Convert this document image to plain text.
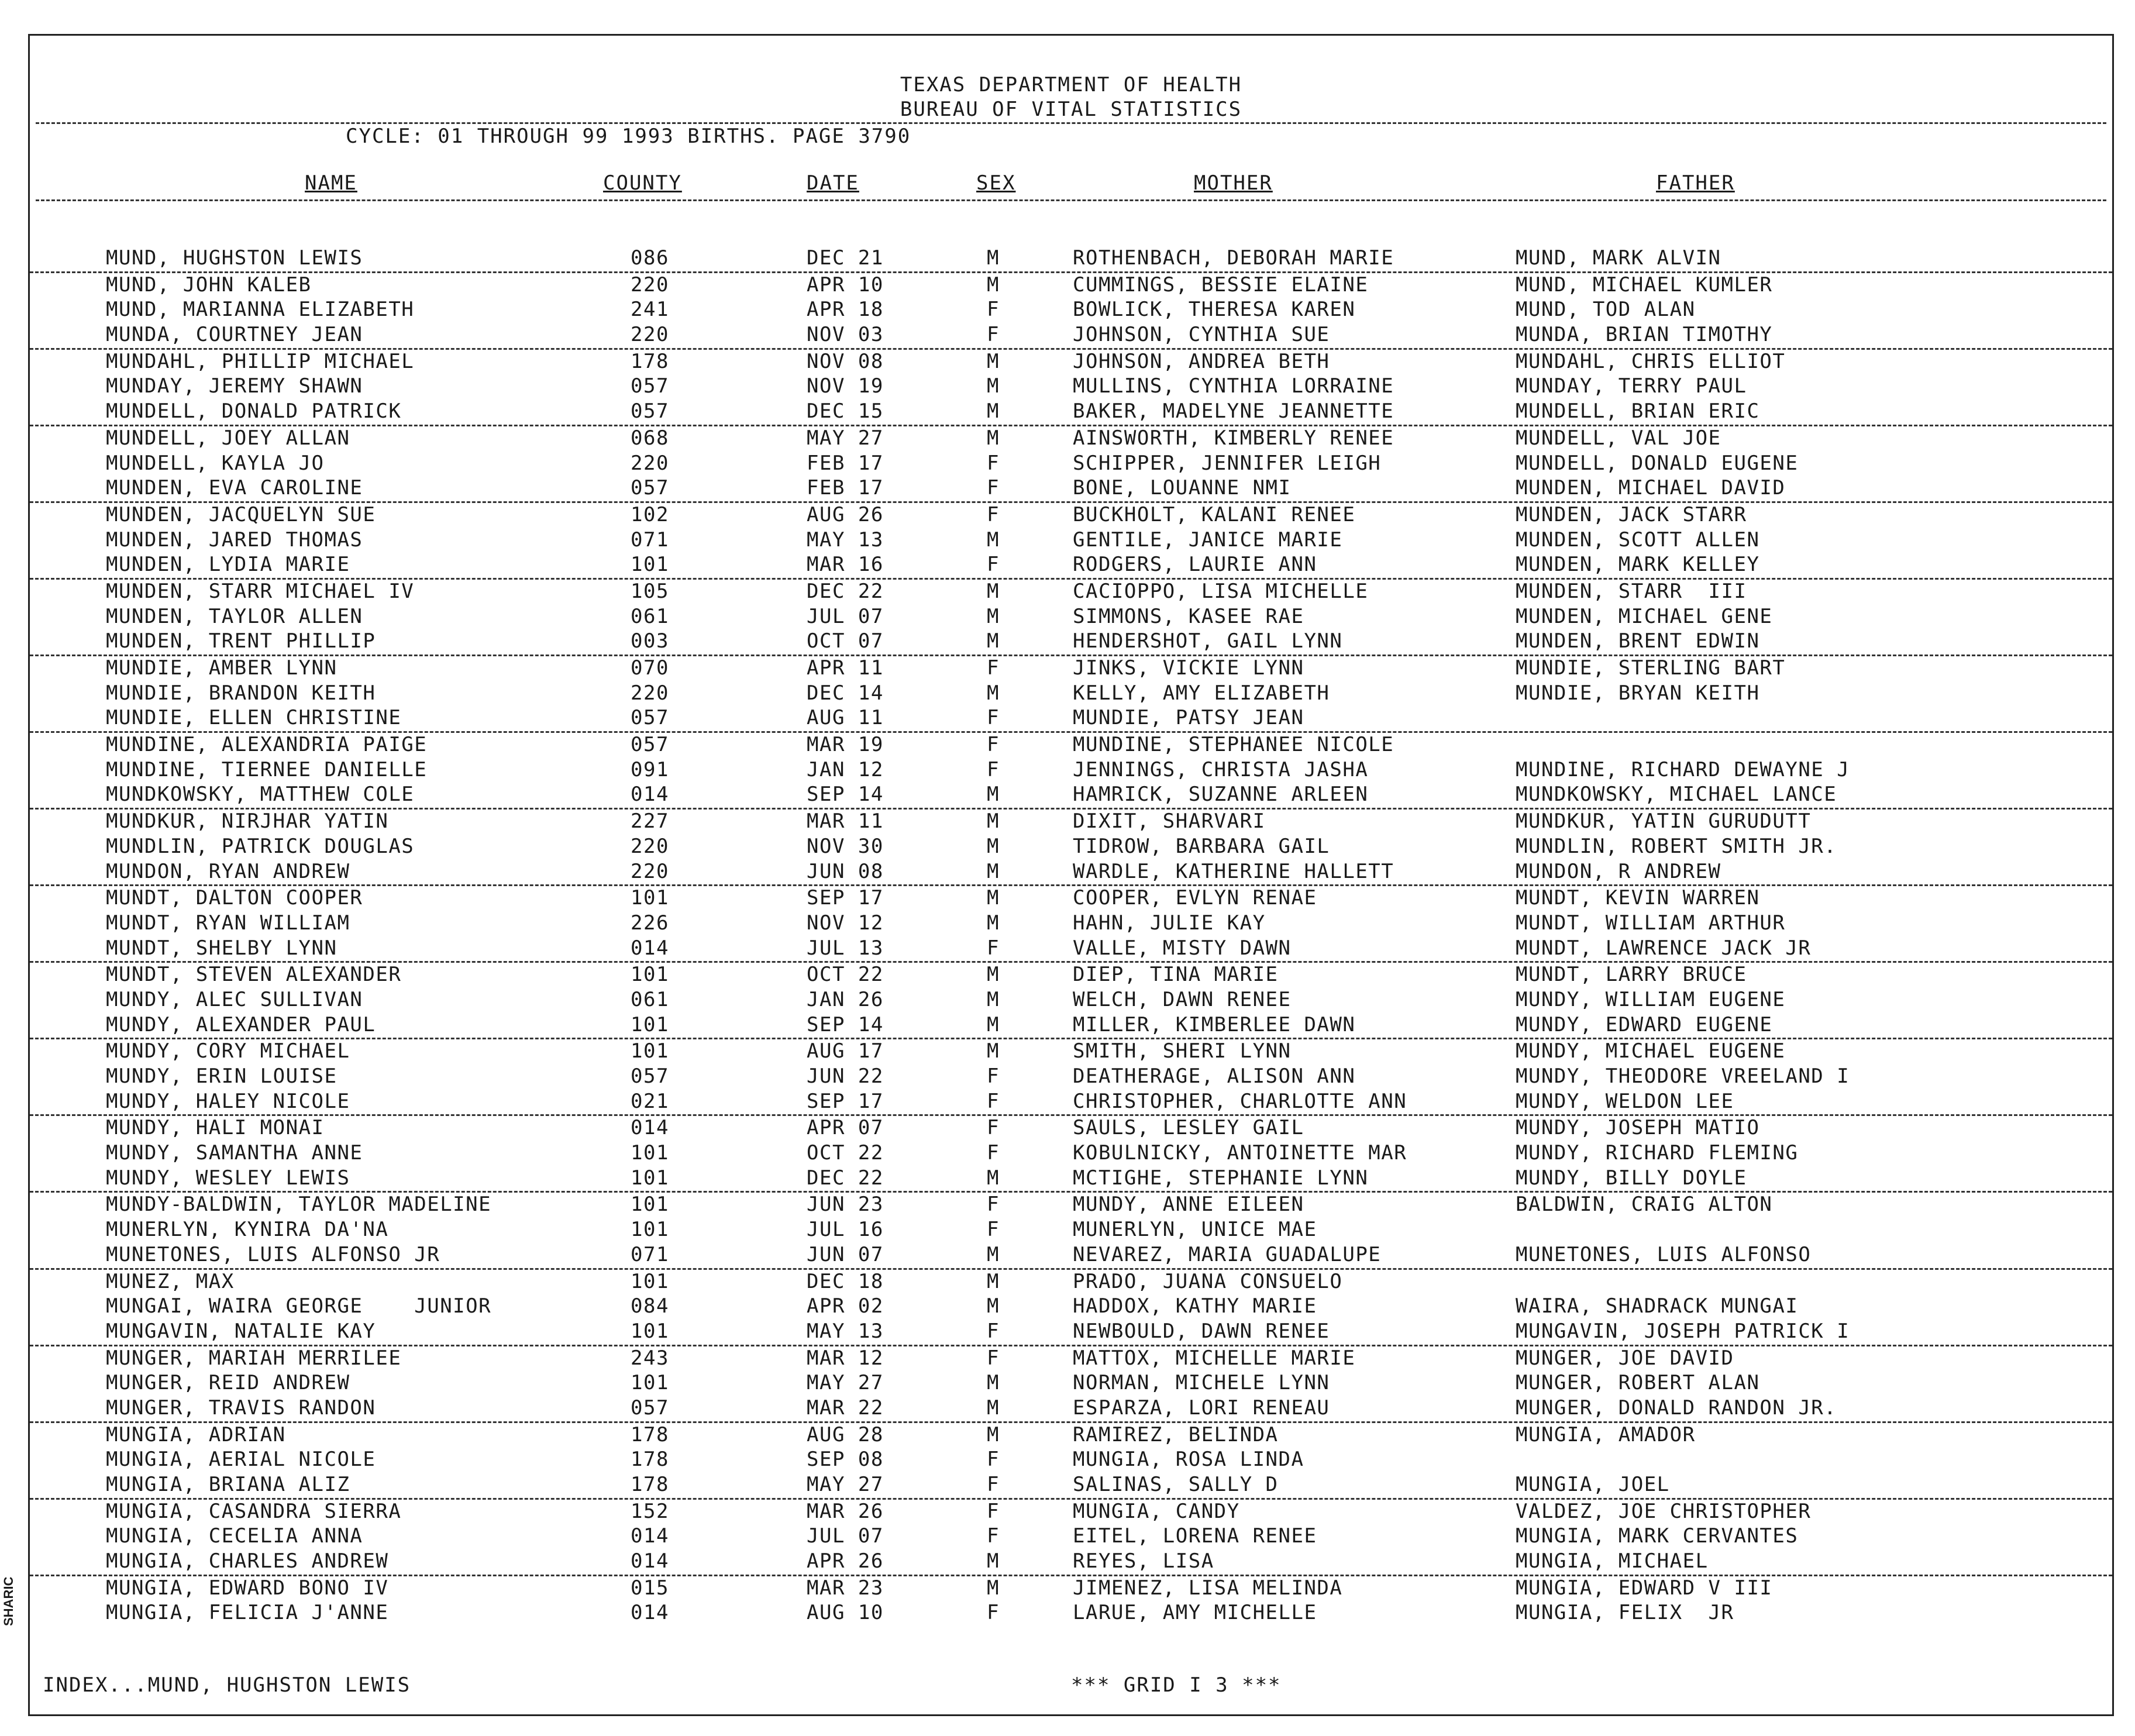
TEXAS DEPARTMENT OF HEALTH
BUREAU OF VITAL STATISTICS
CYCLE: 01 THROUGH 99 1993 BIRTHS. PAGE 3790
NAME	COUNTY	DATE	SEX	MOTHER	FATHER
MUND, HUGHSTON LEWIS	086	DEC 21	M	ROTHENBACH, DEBORAH MARIE	MUND, MARK ALVIN
MUND, JOHN KALEB	220	APR 10	M	CUMMINGS, BESSIE ELAINE	MUND, MICHAEL KUMLER
MUND, MARIANNA ELIZABETH	241	APR 18	F	BOWLICK, THERESA KAREN	MUND, TOD ALAN
MUNDA, COURTNEY JEAN	220	NOV 03	F	JOHNSON, CYNTHIA SUE	MUNDA, BRIAN TIMOTHY
MUNDAHL, PHILLIP MICHAEL	178	NOV 08	M	JOHNSON, ANDREA BETH	MUNDAHL, CHRIS ELLIOT
MUNDAY, JEREMY SHAWN	057	NOV 19	M	MULLINS, CYNTHIA LORRAINE	MUNDAY, TERRY PAUL
MUNDELL, DONALD PATRICK	057	DEC 15	M	BAKER, MADELYNE JEANNETTE	MUNDELL, BRIAN ERIC
MUNDELL, JOEY ALLAN	068	MAY 27	M	AINSWORTH, KIMBERLY RENEE	MUNDELL, VAL JOE
MUNDELL, KAYLA JO	220	FEB 17	F	SCHIPPER, JENNIFER LEIGH	MUNDELL, DONALD EUGENE
MUNDEN, EVA CAROLINE	057	FEB 17	F	BONE, LOUANNE NMI	MUNDEN, MICHAEL DAVID
MUNDEN, JACQUELYN SUE	102	AUG 26	F	BUCKHOLT, KALANI RENEE	MUNDEN, JACK STARR
MUNDEN, JARED THOMAS	071	MAY 13	M	GENTILE, JANICE MARIE	MUNDEN, SCOTT ALLEN
MUNDEN, LYDIA MARIE	101	MAR 16	F	RODGERS, LAURIE ANN	MUNDEN, MARK KELLEY
MUNDEN, STARR MICHAEL IV	105	DEC 22	M	CACIOPPO, LISA MICHELLE	MUNDEN, STARR  III
MUNDEN, TAYLOR ALLEN	061	JUL 07	M	SIMMONS, KASEE RAE	MUNDEN, MICHAEL GENE
MUNDEN, TRENT PHILLIP	003	OCT 07	M	HENDERSHOT, GAIL LYNN	MUNDEN, BRENT EDWIN
MUNDIE, AMBER LYNN	070	APR 11	F	JINKS, VICKIE LYNN	MUNDIE, STERLING BART
MUNDIE, BRANDON KEITH	220	DEC 14	M	KELLY, AMY ELIZABETH	MUNDIE, BRYAN KEITH
MUNDIE, ELLEN CHRISTINE	057	AUG 11	F	MUNDIE, PATSY JEAN
MUNDINE, ALEXANDRIA PAIGE	057	MAR 19	F	MUNDINE, STEPHANEE NICOLE
MUNDINE, TIERNEE DANIELLE	091	JAN 12	F	JENNINGS, CHRISTA JASHA	MUNDINE, RICHARD DEWAYNE J
MUNDKOWSKY, MATTHEW COLE	014	SEP 14	M	HAMRICK, SUZANNE ARLEEN	MUNDKOWSKY, MICHAEL LANCE
MUNDKUR, NIRJHAR YATIN	227	MAR 11	M	DIXIT, SHARVARI	MUNDKUR, YATIN GURUDUTT
MUNDLIN, PATRICK DOUGLAS	220	NOV 30	M	TIDROW, BARBARA GAIL	MUNDLIN, ROBERT SMITH JR.
MUNDON, RYAN ANDREW	220	JUN 08	M	WARDLE, KATHERINE HALLETT	MUNDON, R ANDREW
MUNDT, DALTON COOPER	101	SEP 17	M	COOPER, EVLYN RENAE	MUNDT, KEVIN WARREN
MUNDT, RYAN WILLIAM	226	NOV 12	M	HAHN, JULIE KAY	MUNDT, WILLIAM ARTHUR
MUNDT, SHELBY LYNN	014	JUL 13	F	VALLE, MISTY DAWN	MUNDT, LAWRENCE JACK JR
MUNDT, STEVEN ALEXANDER	101	OCT 22	M	DIEP, TINA MARIE	MUNDT, LARRY BRUCE
MUNDY, ALEC SULLIVAN	061	JAN 26	M	WELCH, DAWN RENEE	MUNDY, WILLIAM EUGENE
MUNDY, ALEXANDER PAUL	101	SEP 14	M	MILLER, KIMBERLEE DAWN	MUNDY, EDWARD EUGENE
MUNDY, CORY MICHAEL	101	AUG 17	M	SMITH, SHERI LYNN	MUNDY, MICHAEL EUGENE
MUNDY, ERIN LOUISE	057	JUN 22	F	DEATHERAGE, ALISON ANN	MUNDY, THEODORE VREELAND I
MUNDY, HALEY NICOLE	021	SEP 17	F	CHRISTOPHER, CHARLOTTE ANN	MUNDY, WELDON LEE
MUNDY, HALI MONAI	014	APR 07	F	SAULS, LESLEY GAIL	MUNDY, JOSEPH MATIO
MUNDY, SAMANTHA ANNE	101	OCT 22	F	KOBULNICKY, ANTOINETTE MAR	MUNDY, RICHARD FLEMING
MUNDY, WESLEY LEWIS	101	DEC 22	M	MCTIGHE, STEPHANIE LYNN	MUNDY, BILLY DOYLE
MUNDY-BALDWIN, TAYLOR MADELINE	101	JUN 23	F	MUNDY, ANNE EILEEN	BALDWIN, CRAIG ALTON
MUNERLYN, KYNIRA DA'NA	101	JUL 16	F	MUNERLYN, UNICE MAE
MUNETONES, LUIS ALFONSO JR	071	JUN 07	M	NEVAREZ, MARIA GUADALUPE	MUNETONES, LUIS ALFONSO
MUNEZ, MAX	101	DEC 18	M	PRADO, JUANA CONSUELO
MUNGAI, WAIRA GEORGE    JUNIOR	084	APR 02	M	HADDOX, KATHY MARIE	WAIRA, SHADRACK MUNGAI
MUNGAVIN, NATALIE KAY	101	MAY 13	F	NEWBOULD, DAWN RENEE	MUNGAVIN, JOSEPH PATRICK I
MUNGER, MARIAH MERRILEE	243	MAR 12	F	MATTOX, MICHELLE MARIE	MUNGER, JOE DAVID
MUNGER, REID ANDREW	101	MAY 27	M	NORMAN, MICHELE LYNN	MUNGER, ROBERT ALAN
MUNGER, TRAVIS RANDON	057	MAR 22	M	ESPARZA, LORI RENEAU	MUNGER, DONALD RANDON JR.
MUNGIA, ADRIAN	178	AUG 28	M	RAMIREZ, BELINDA	MUNGIA, AMADOR
MUNGIA, AERIAL NICOLE	178	SEP 08	F	MUNGIA, ROSA LINDA
MUNGIA, BRIANA ALIZ	178	MAY 27	F	SALINAS, SALLY D	MUNGIA, JOEL
MUNGIA, CASANDRA SIERRA	152	MAR 26	F	MUNGIA, CANDY	VALDEZ, JOE CHRISTOPHER
MUNGIA, CECELIA ANNA	014	JUL 07	F	EITEL, LORENA RENEE	MUNGIA, MARK CERVANTES
MUNGIA, CHARLES ANDREW	014	APR 26	M	REYES, LISA	MUNGIA, MICHAEL
MUNGIA, EDWARD BONO IV	015	MAR 23	M	JIMENEZ, LISA MELINDA	MUNGIA, EDWARD V III
MUNGIA, FELICIA J'ANNE	014	AUG 10	F	LARUE, AMY MICHELLE	MUNGIA, FELIX  JR
INDEX...MUND, HUGHSTON LEWIS	*** GRID I 3 ***
SHARIC
